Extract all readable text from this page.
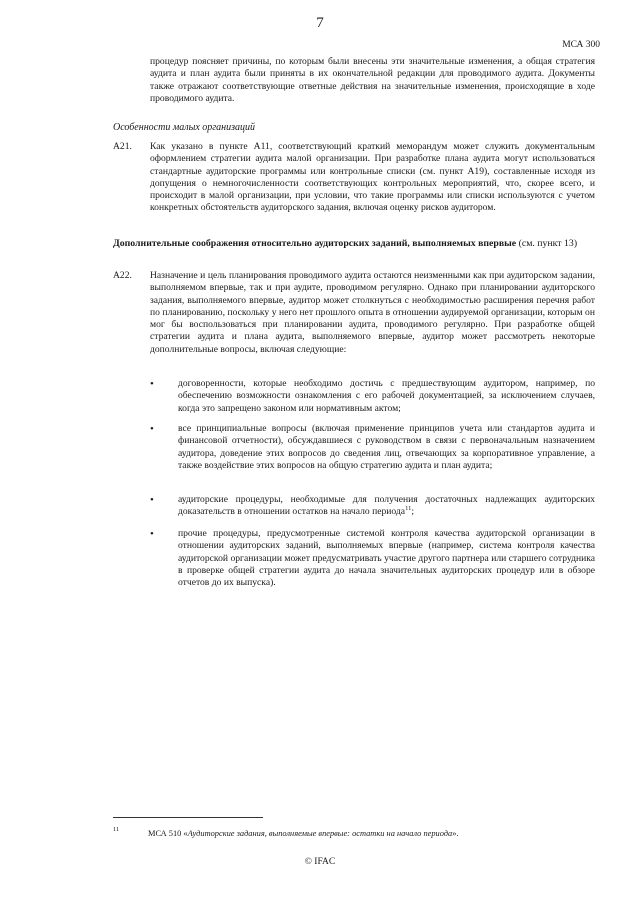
7
МСА 300
процедур поясняет причины, по которым были внесены эти значительные изменения, а общая стратегия аудита и план аудита были приняты в их окончательной редакции для проводимого аудита. Документы также отражают соответствующие ответные действия на значительные изменения, происходящие в ходе проводимого аудита.
Особенности малых организаций
A21. Как указано в пункте A11, соответствующий краткий меморандум может служить документальным оформлением стратегии аудита малой организации. При разработке плана аудита могут использоваться стандартные аудиторские программы или контрольные списки (см. пункт A19), составленные исходя из допущения о немногочисленности соответствующих контрольных мероприятий, что, скорее всего, и происходит в малой организации, при условии, что такие программы или списки используются с учетом конкретных обстоятельств аудиторского задания, включая оценку рисков аудитором.
Дополнительные соображения относительно аудиторских заданий, выполняемых впервые (см. пункт 13)
A22. Назначение и цель планирования проводимого аудита остаются неизменными как при аудиторском задании, выполняемом впервые, так и при аудите, проводимом регулярно. Однако при планировании аудиторского задания, выполняемого впервые, аудитор может столкнуться с необходимостью расширения перечня работ по планированию, поскольку у него нет прошлого опыта в отношении аудируемой организации, которым он мог бы воспользоваться при планировании аудита, проводимого регулярно. При разработке общей стратегии аудита и плана аудита, выполняемого впервые, аудитор может рассмотреть некоторые дополнительные вопросы, включая следующие:
•	договоренности, которые необходимо достичь с предшествующим аудитором, например, по обеспечению возможности ознакомления с его рабочей документацией, за исключением случаев, когда это запрещено законом или нормативным актом;
•	все принципиальные вопросы (включая применение принципов учета или стандартов аудита и финансовой отчетности), обсуждавшиеся с руководством в связи с первоначальным назначением аудитора, доведение этих вопросов до сведения лиц, отвечающих за корпоративное управление, а также воздействие этих вопросов на общую стратегию аудита и план аудита;
•	аудиторские процедуры, необходимые для получения достаточных надлежащих аудиторских доказательств в отношении остатков на начало периода$^{11}$;
•	прочие процедуры, предусмотренные системой контроля качества аудиторской организации в отношении аудиторских заданий, выполняемых впервые (например, система контроля качества аудиторской организации может предусматривать участие другого партнера или старшего сотрудника в проверке общей стратегии аудита до начала значительных аудиторских процедур или в обзоре отчетов до их выпуска).
11	МСА 510 «Аудиторские задания, выполняемые впервые: остатки на начало периода».
© IFAC
